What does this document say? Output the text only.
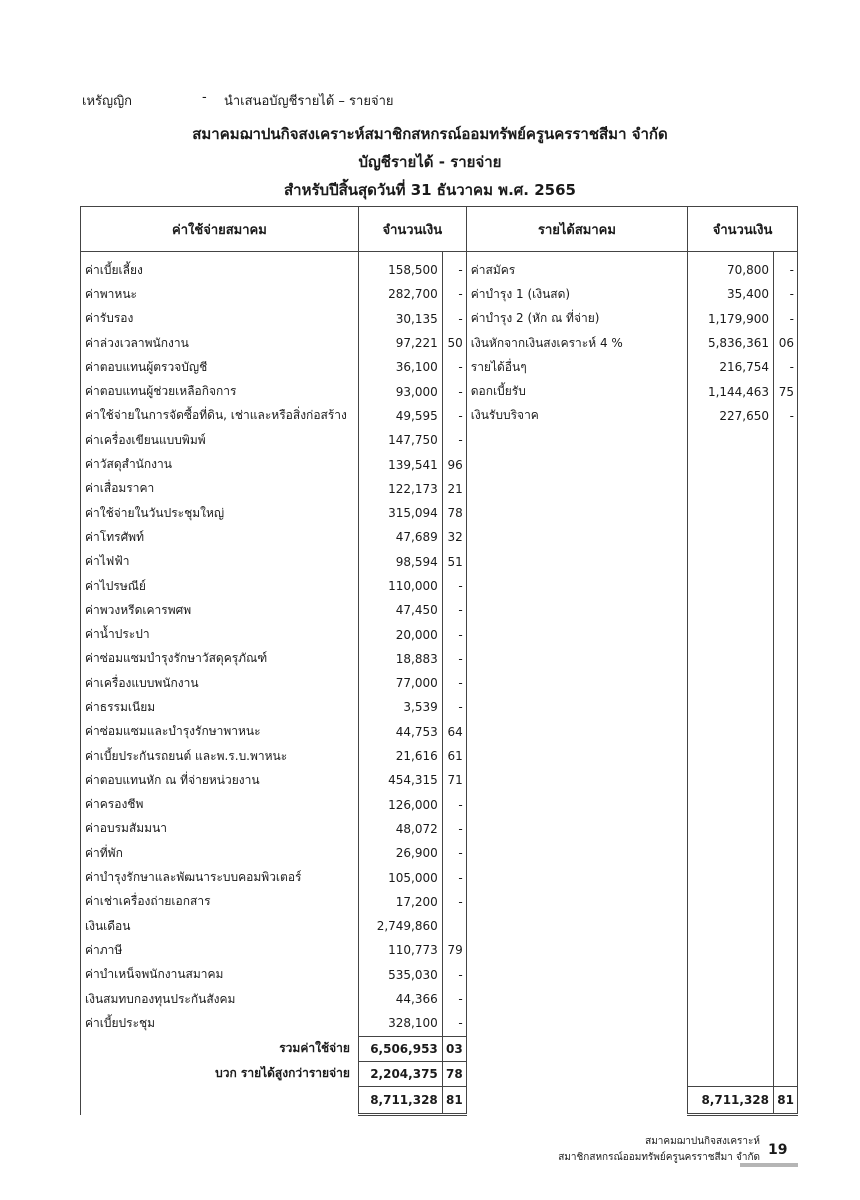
เหรัญญิก	- นำเสนอบัญชีรายได้ – รายจ่าย
สมาคมฌาปนกิจสงเคราะห์สมาชิกสหกรณ์ออมทรัพย์ครูนครราชสีมา จำกัด
บัญชีรายได้ - รายจ่าย
สำหรับปีสิ้นสุดวันที่ 31 ธันวาคม พ.ศ. 2565
ค่าใช้จ่ายสมาคม	จำนวนเงิน		รายได้สมาคม	จำนวนเงิน	
ค่าเบี้ยเลี้ยง	158,500	-	ค่าสมัคร	70,800	-
ค่าพาหนะ	282,700	-	ค่าบำรุง 1 (เงินสด)	35,400	-
ค่ารับรอง	30,135	-	ค่าบำรุง 2 (หัก ณ ที่จ่าย)	1,179,900	-
ค่าล่วงเวลาพนักงาน	97,221	50	เงินหักจากเงินสงเคราะห์ 4 %	5,836,361	06
ค่าตอบแทนผู้ตรวจบัญชี	36,100	-	รายได้อื่นๆ	216,754	-
ค่าตอบแทนผู้ช่วยเหลือกิจการ	93,000	-	ดอกเบี้ยรับ	1,144,463	75
ค่าใช้จ่ายในการจัดซื้อที่ดิน, เช่าและหรือสิ่งก่อสร้าง	49,595	-	เงินรับบริจาค	227,650	-
ค่าเครื่องเขียนแบบพิมพ์	147,750	-			
ค่าวัสดุสำนักงาน	139,541	96			
ค่าเสื่อมราคา	122,173	21			
ค่าใช้จ่ายในวันประชุมใหญ่	315,094	78			
ค่าโทรศัพท์	47,689	32			
ค่าไฟฟ้า	98,594	51			
ค่าไปรษณีย์	110,000	-			
ค่าพวงหรีดเคารพศพ	47,450	-			
ค่าน้ำประปา	20,000	-			
ค่าซ่อมแซมบำรุงรักษาวัสดุครุภัณฑ์	18,883	-			
ค่าเครื่องแบบพนักงาน	77,000	-			
ค่าธรรมเนียม	3,539	-			
ค่าซ่อมแซมและบำรุงรักษาพาหนะ	44,753	64			
ค่าเบี้ยประกันรถยนต์ และพ.ร.บ.พาหนะ	21,616	61			
ค่าตอบแทนหัก ณ ที่จ่ายหน่วยงาน	454,315	71			
ค่าครองชีพ	126,000	-			
ค่าอบรมสัมมนา	48,072	-			
ค่าที่พัก	26,900	-			
ค่าบำรุงรักษาและพัฒนาระบบคอมพิวเตอร์	105,000	-			
ค่าเช่าเครื่องถ่ายเอกสาร	17,200	-			
เงินเดือน	2,749,860				
ค่าภาษี	110,773	79			
ค่าบำเหน็จพนักงานสมาคม	535,030	-			
เงินสมทบกองทุนประกันสังคม	44,366	-			
ค่าเบี้ยประชุม	328,100	-			
รวมค่าใช้จ่าย	6,506,953	03			
บวก รายได้สูงกว่ารายจ่าย	2,204,375	78			
	8,711,328	81		8,711,328	81
สมาคมฌาปนกิจสงเคราะห์
สมาชิกสหกรณ์ออมทรัพย์ครูนครราชสีมา จำกัด 19
